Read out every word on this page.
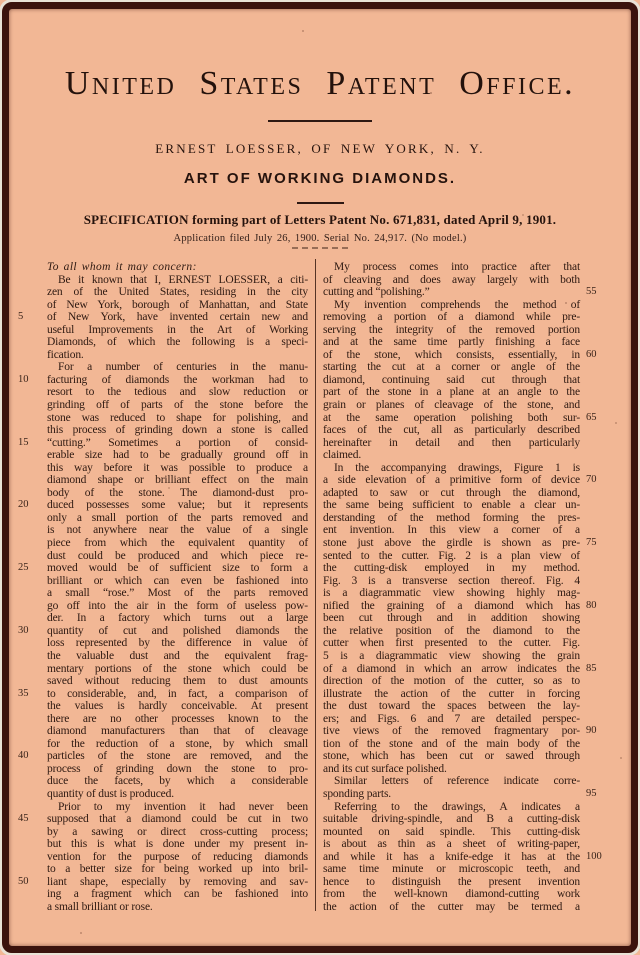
United States Patent Office.
ERNEST LOESSER, OF NEW YORK, N. Y.
ART OF WORKING DIAMONDS.
SPECIFICATION forming part of Letters Patent No. 671,831, dated April 9, 1901.
Application filed July 26, 1900. Serial No. 24,917. (No model.)
To all whom it may concern:
Be it known that I, ERNEST LOESSER, a citi-
zen of the United States, residing in the city
of New York, borough of Manhattan, and State
5	of New York, have invented certain new and
useful Improvements in the Art of Working
Diamonds, of which the following is a speci-
fication.
For a number of centuries in the manu-
10	facturing of diamonds the workman had to
resort to the tedious and slow reduction or
grinding off of parts of the stone before the
stone was reduced to shape for polishing, and
this process of grinding down a stone is called
15	“cutting.” Sometimes a portion of consid-
erable size had to be gradually ground off in
this way before it was possible to produce a
diamond shape or brilliant effect on the main
body of the stone. The diamond-dust pro-
20	duced possesses some value; but it represents
only a small portion of the parts removed and
is not anywhere near the value of a single
piece from which the equivalent quantity of
dust could be produced and which piece re-
25	moved would be of sufficient size to form a
brilliant or which can even be fashioned into
a small “rose.” Most of the parts removed
go off into the air in the form of useless pow-
der. In a factory which turns out a large
30	quantity of cut and polished diamonds the
loss represented by the difference in value of
the valuable dust and the equivalent frag-
mentary portions of the stone which could be
saved without reducing them to dust amounts
35	to considerable, and, in fact, a comparison of
the values is hardly conceivable. At present
there are no other processes known to the
diamond manufacturers than that of cleavage
for the reduction of a stone, by which small
40	particles of the stone are removed, and the
process of grinding down the stone to pro-
duce the facets, by which a considerable
quantity of dust is produced.
Prior to my invention it had never been
45	supposed that a diamond could be cut in two
by a sawing or direct cross-cutting process;
but this is what is done under my present in-
vention for the purpose of reducing diamonds
to a better size for being worked up into bril-
50	liant shape, especially by removing and sav-
ing a fragment which can be fashioned into
a small brilliant or rose.
My process comes into practice after that
of cleaving and does away largely with both
55
cutting and “polishing.”
My invention comprehends the method of
removing a portion of a diamond while pre-
serving the integrity of the removed portion
and at the same time partly finishing a face
60
of the stone, which consists, essentially, in
starting the cut at a corner or angle of the
diamond, continuing said cut through that
part of the stone in a plane at an angle to the
grain or planes of cleavage of the stone, and
65
at the same operation polishing both sur-
faces of the cut, all as particularly described
hereinafter in detail and then particularly
claimed.
In the accompanying drawings, Figure 1 is
70
a side elevation of a primitive form of device
adapted to saw or cut through the diamond,
the same being sufficient to enable a clear un-
derstanding of the method forming the pres-
ent invention. In this view a corner of a
75
stone just above the girdle is shown as pre-
sented to the cutter. Fig. 2 is a plan view of
the cutting-disk employed in my method.
Fig. 3 is a transverse section thereof. Fig. 4
is a diagrammatic view showing highly mag-
80
nified the graining of a diamond which has
been cut through and in addition showing
the relative position of the diamond to the
cutter when first presented to the cutter. Fig.
5 is a diagrammatic view showing the grain
85
of a diamond in which an arrow indicates the
direction of the motion of the cutter, so as to
illustrate the action of the cutter in forcing
the dust toward the spaces between the lay-
ers; and Figs. 6 and 7 are detailed perspec-
90
tive views of the removed fragmentary por-
tion of the stone and of the main body of the
stone, which has been cut or sawed through
and its cut surface polished.
Similar letters of reference indicate corre-
95
sponding parts.
Referring to the drawings, A indicates a
suitable driving-spindle, and B a cutting-disk
mounted on said spindle. This cutting-disk
is about as thin as a sheet of writing-paper,
100
and while it has a knife-edge it has at the
same time minute or microscopic teeth, and
hence to distinguish the present invention
from the well-known diamond-cutting work
the action of the cutter may be termed a
